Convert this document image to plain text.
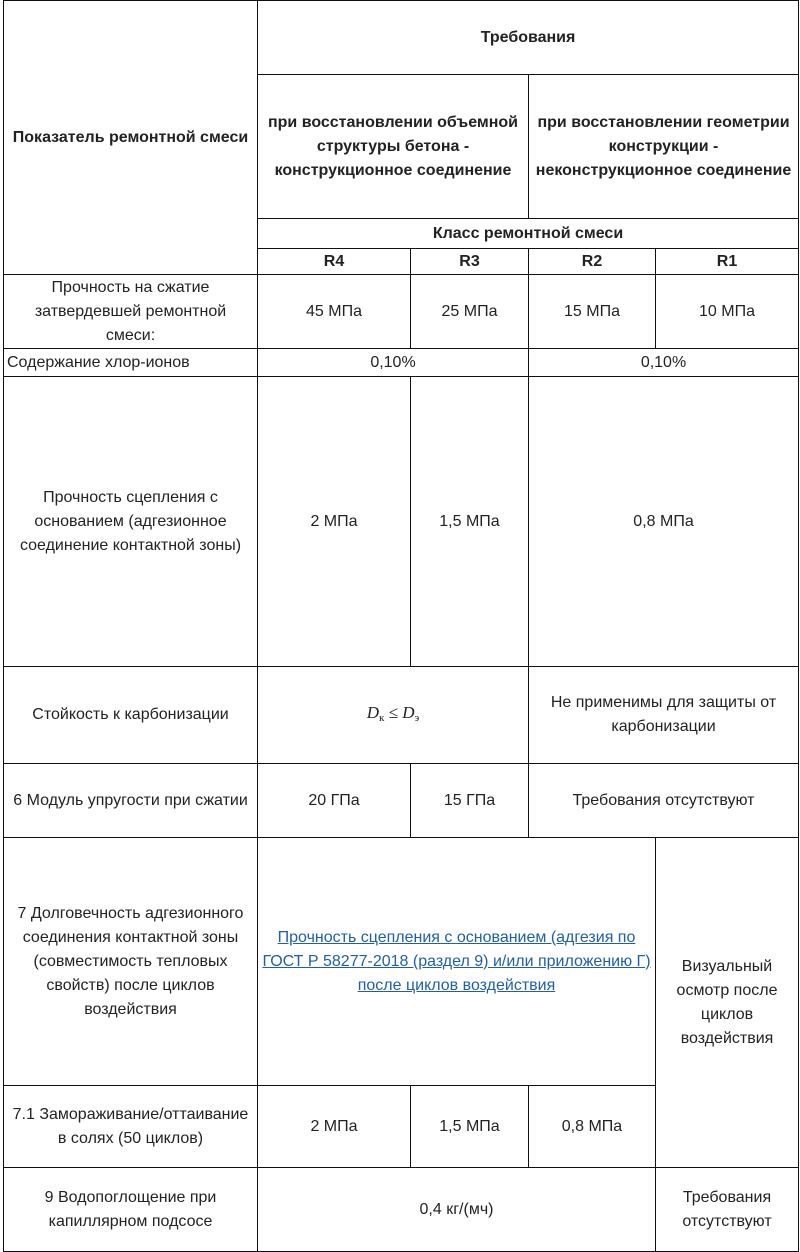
Показатель ремонтной смеси	Требования			
	при восстановлении объемной структуры бетона - конструкционное соединение		при восстановлении геометрии конструкции - неконструкционное соединение	
	Класс ремонтной смеси			
	R4	R3	R2	R1

Прочность на сжатие затвердевшей ремонтной смеси:	45 МПа	25 МПа	15 МПа	10 МПа
Содержание хлор-ионов	0,10%		0,10%	
Прочность сцепления с основанием (адгезионное соединение контактной зоны)	2 МПа	1,5 МПа	0,8 МПа	
Стойкость к карбонизации	$D_к \le D_э$		Не применимы для защиты от карбонизации	
6 Модуль упругости при сжатии	20 ГПа	15 ГПа	Требования отсутствуют	
7 Долговечность адгезионного соединения контактной зоны (совместимость тепловых свойств) после циклов воздействия	Прочность сцепления с основанием (адгезия по ГОСТ Р 58277-2018 (раздел 9) и/или приложению Г) после циклов воздействия			Визуальный осмотр после циклов воздействия
7.1 Замораживание/оттаивание в солях (50 циклов)	2 МПа	1,5 МПа	0,8 МПа	
9 Водопоглощение при капиллярном подсосе	0,4 кг/(мч)			Требования отсутствуют
